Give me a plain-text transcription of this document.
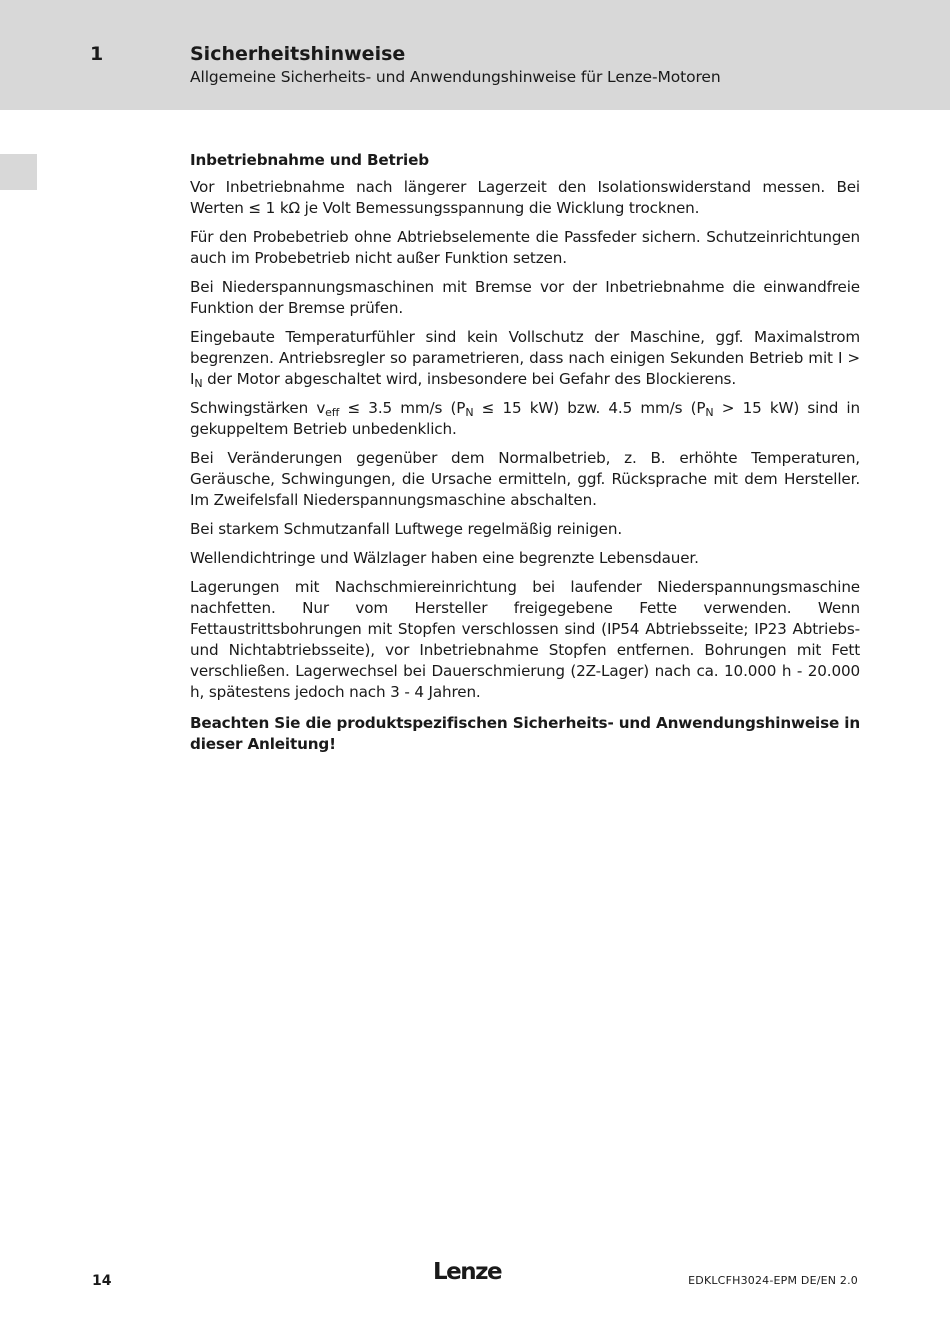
1	Sicherheitshinweise
Allgemeine Sicherheits- und Anwendungshinweise für Lenze-Motoren
Inbetriebnahme und Betrieb

Vor Inbetriebnahme nach längerer Lagerzeit den Isolationswiderstand messen. Bei Werten ≤ 1 kΩ je Volt Bemessungsspannung die Wicklung trocknen.

Für den Probebetrieb ohne Abtriebselemente die Passfeder sichern. Schutzeinrichtungen auch im Probebetrieb nicht außer Funktion setzen.

Bei Niederspannungsmaschinen mit Bremse vor der Inbetriebnahme die einwandfreie Funktion der Bremse prüfen.

Eingebaute Temperaturfühler sind kein Vollschutz der Maschine, ggf. Maximalstrom begrenzen. Antriebsregler so parametrieren, dass nach einigen Sekunden Betrieb mit $I > I_N$ der Motor abgeschaltet wird, insbesondere bei Gefahr des Blockierens.

Schwingstärken $v_{eff} \le 3.5$ mm/s ($P_N \le 15$ kW) bzw. 4.5 mm/s ($P_N > 15$ kW) sind in gekuppeltem Betrieb unbedenklich.

Bei Veränderungen gegenüber dem Normalbetrieb, z. B. erhöhte Temperaturen, Geräusche, Schwingungen, die Ursache ermitteln, ggf. Rücksprache mit dem Hersteller. Im Zweifelsfall Niederspannungsmaschine abschalten.

Bei starkem Schmutzanfall Luftwege regelmäßig reinigen.

Wellendichtringe und Wälzlager haben eine begrenzte Lebensdauer.

Lagerungen mit Nachschmiereinrichtung bei laufender Niederspannungsmaschine nachfetten. Nur vom Hersteller freigegebene Fette verwenden. Wenn Fettaustrittsbohrungen mit Stopfen verschlossen sind (IP54 Abtriebsseite; IP23 Abtriebs-und Nichtabtriebsseite), vor Inbetriebnahme Stopfen entfernen. Bohrungen mit Fett verschließen. Lagerwechsel bei Dauerschmierung (2Z-Lager) nach ca. 10.000 h - 20.000 h, spätestens jedoch nach 3 - 4 Jahren.

Beachten Sie die produktspezifischen Sicherheits- und Anwendungshinweise in dieser Anleitung!

14	Lenze	EDKLCFH3024-EPM DE/EN 2.0
